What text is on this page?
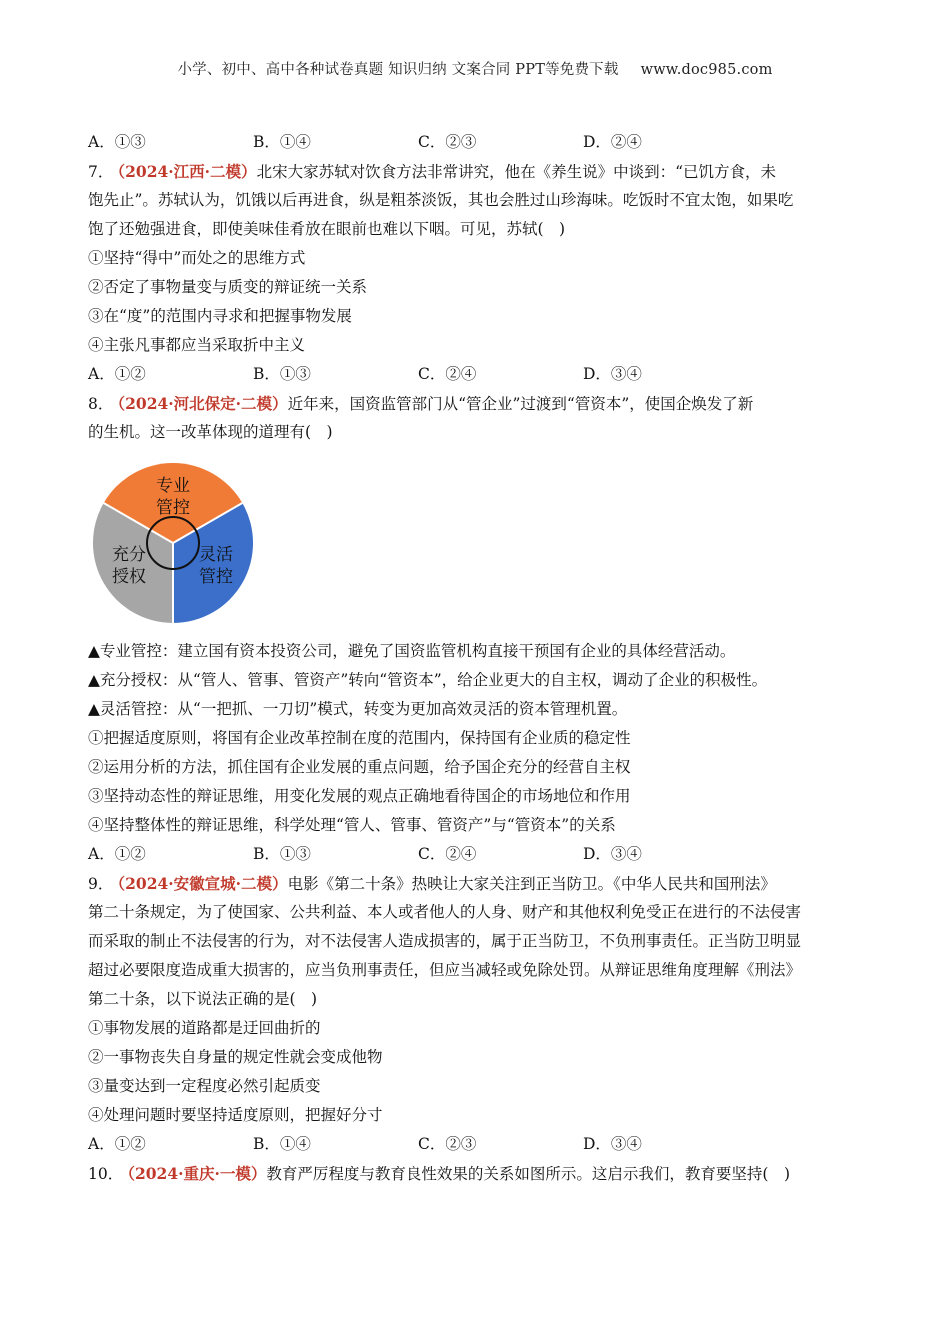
小学、初中、高中各种试卷真题 知识归纳 文案合同 PPT等免费下载 www.doc985.com
A．①③	B．①④	C．②③	D．②④
7． （2024·江西·二模）北宋大家苏轼对饮食方法非常讲究，他在《养生说》中谈到：“已饥方食，未
饱先止”。苏轼认为，饥饿以后再进食，纵是粗茶淡饭，其也会胜过山珍海味。吃饭时不宜太饱，如果吃
饱了还勉强进食，即使美味佳肴放在眼前也难以下咽。可见，苏轼(　)
①坚持“得中”而处之的思维方式
②否定了事物量变与质变的辩证统一关系
③在“度”的范围内寻求和把握事物发展
④主张凡事都应当采取折中主义
A．①②	B．①③	C．②④	D．③④
8． （2024·河北保定·二模）近年来，国资监管部门从“管企业”过渡到“管资本”，使国企焕发了新
的生机。这一改革体现的道理有(　)
专业
管控
灵活
管控
充分
授权
▲专业管控：建立国有资本投资公司，避免了国资监管机构直接干预国有企业的具体经营活动。
▲充分授权：从“管人、管事、管资产”转向“管资本”，给企业更大的自主权，调动了企业的积极性。
▲灵活管控：从“一把抓、一刀切”模式，转变为更加高效灵活的资本管理机置。
①把握适度原则，将国有企业改革控制在度的范围内，保持国有企业质的稳定性
②运用分析的方法，抓住国有企业发展的重点问题，给予国企充分的经营自主权
③坚持动态性的辩证思维，用变化发展的观点正确地看待国企的市场地位和作用
④坚持整体性的辩证思维，科学处理“管人、管事、管资产”与“管资本”的关系
A．①②	B．①③	C．②④	D．③④
9． （2024·安徽宣城·二模）电影《第二十条》热映让大家关注到正当防卫。《中华人民共和国刑法》
第二十条规定，为了使国家、公共利益、本人或者他人的人身、财产和其他权利免受正在进行的不法侵害
而采取的制止不法侵害的行为，对不法侵害人造成损害的，属于正当防卫，不负刑事责任。正当防卫明显
超过必要限度造成重大损害的，应当负刑事责任，但应当减轻或免除处罚。从辩证思维角度理解《刑法》
第二十条，以下说法正确的是(　)
①事物发展的道路都是迂回曲折的
②一事物丧失自身量的规定性就会变成他物
③量变达到一定程度必然引起质变
④处理问题时要坚持适度原则，把握好分寸
A．①②	B．①④	C．②③	D．③④
10． （2024·重庆·一模）教育严厉程度与教育良性效果的关系如图所示。这启示我们，教育要坚持(　)
